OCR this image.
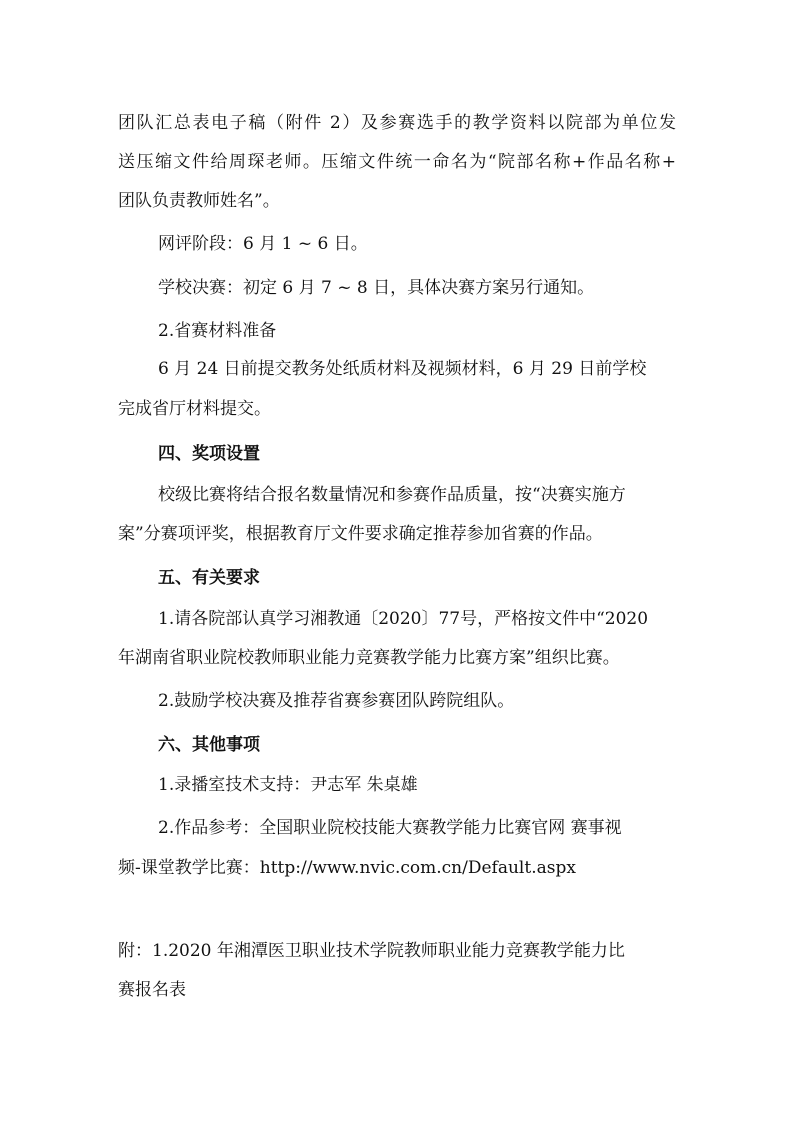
团队汇总表电子稿（附件 2）及参赛选手的教学资料以院部为单位发
送压缩文件给周琛老师。压缩文件统一命名为“院部名称+作品名称+
团队负责教师姓名”。
网评阶段：6 月 1 ~ 6 日。
学校决赛：初定 6 月 7 ~ 8 日，具体决赛方案另行通知。
2.省赛材料准备
6 月 24 日前提交教务处纸质材料及视频材料，6 月 29 日前学校
完成省厅材料提交。
四、奖项设置
校级比赛将结合报名数量情况和参赛作品质量，按“决赛实施方
案”分赛项评奖，根据教育厅文件要求确定推荐参加省赛的作品。
五、有关要求
1.请各院部认真学习湘教通〔2020〕77号，严格按文件中“2020
年湖南省职业院校教师职业能力竞赛教学能力比赛方案”组织比赛。
2.鼓励学校决赛及推荐省赛参赛团队跨院组队。
六、其他事项
1.录播室技术支持：尹志军 朱桌雄
2.作品参考：全国职业院校技能大赛教学能力比赛官网 赛事视
频-课堂教学比赛：http://www.nvic.com.cn/Default.aspx
附：1.2020 年湘潭医卫职业技术学院教师职业能力竞赛教学能力比
赛报名表
